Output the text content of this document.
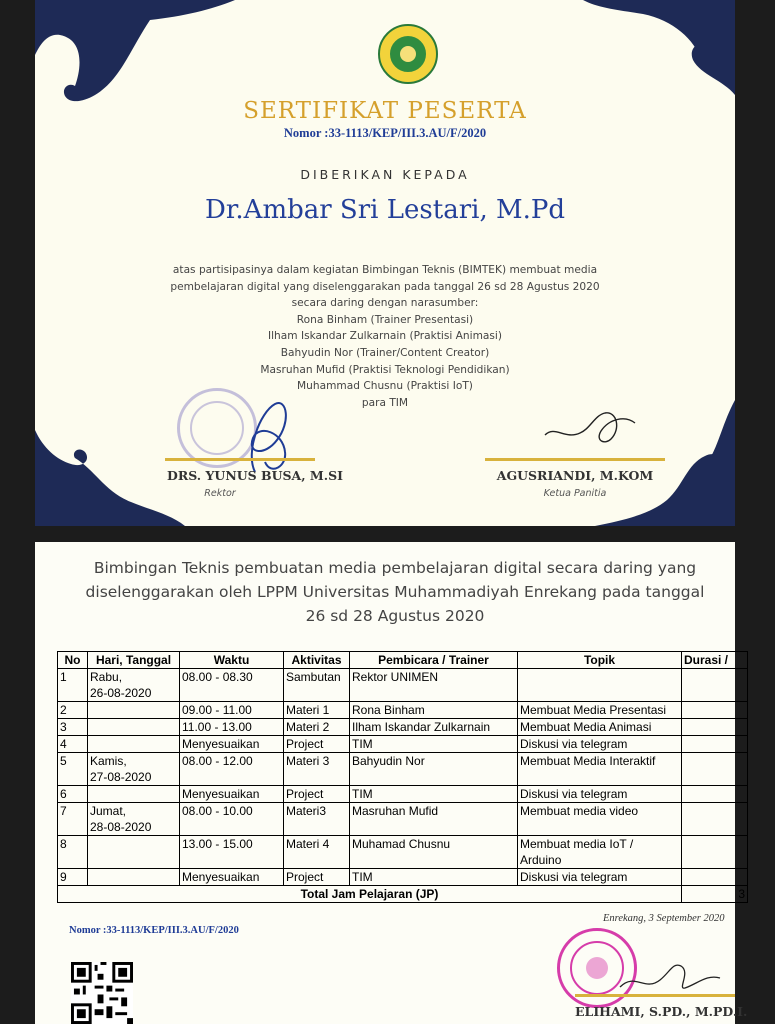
SERTIFIKAT PESERTA
Nomor :33-1113/KEP/III.3.AU/F/2020
DIBERIKAN KEPADA
Dr.Ambar Sri Lestari, M.Pd
atas partisipasinya dalam kegiatan Bimbingan Teknis (BIMTEK) membuat media
pembelajaran digital yang diselenggarakan pada tanggal 26 sd 28 Agustus 2020
secara daring dengan narasumber:
Rona Binham (Trainer Presentasi)
Ilham Iskandar Zulkarnain (Praktisi Animasi)
Bahyudin Nor (Trainer/Content Creator)
Masruhan Mufid (Praktisi Teknologi Pendidikan)
Muhammad Chusnu (Praktisi IoT)
para TIM
DRS. YUNUS BUSA, M.SI
Rektor
AGUSRIANDI, M.KOM
Ketua Panitia
Bimbingan Teknis pembuatan media pembelajaran digital secara daring yang
diselenggarakan oleh LPPM Universitas Muhammadiyah Enrekang pada tanggal
26 sd 28 Agustus 2020
No	Hari, Tanggal	Waktu	Aktivitas	Pembicara / Trainer	Topik	Durasi /
1	Rabu,
26-08-2020	08.00 - 08.30	Sambutan	Rektor UNIMEN		
2		09.00 - 11.00	Materi 1	Rona Binham	Membuat Media Presentasi	
3		11.00 - 13.00	Materi 2	Ilham Iskandar Zulkarnain	Membuat Media Animasi	
4		Menyesuaikan	Project	TIM	Diskusi via telegram	
5	Kamis,
27-08-2020	08.00 - 12.00	Materi 3	Bahyudin Nor	Membuat Media Interaktif	
6		Menyesuaikan	Project	TIM	Diskusi via telegram	
7	Jumat,
28-08-2020	08.00 - 10.00	Materi3	Masruhan Mufid	Membuat media video	
8		13.00 - 15.00	Materi 4	Muhamad Chusnu	Membuat media IoT /
Arduino	
9		Menyesuaikan	Project	TIM	Diskusi via telegram	
Total Jam Pelajaran (JP)						3
Nomor :33-1113/KEP/III.3.AU/F/2020
Enrekang, 3 September 2020
ELIHAMI, S.PD., M.PD.I.
